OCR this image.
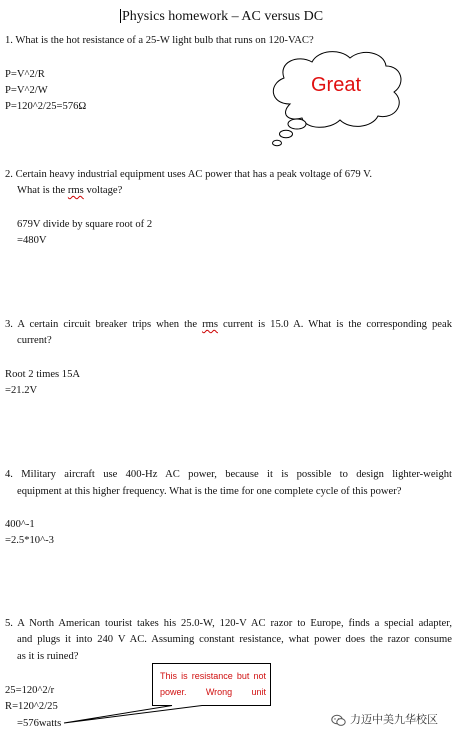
Physics homework – AC versus DC
1. What is the hot resistance of a 25-W light bulb that runs on 120-VAC?
P=V^2/R
P=V^2/W
P=120^2/25=576Ω
Great
2. Certain heavy industrial equipment uses AC power that has a peak voltage of 679 V.
What is the rms voltage?
679V divide by square root of 2
=480V
3. A certain circuit breaker trips when the rms current is 15.0 A. What is the corresponding peak
current?
Root 2 times 15A
=21.2V
4. Military aircraft use 400-Hz AC power, because it is possible to design lighter-weight
equipment at this higher frequency. What is the time for one complete cycle of this power?
400^-1
=2.5*10^-3
5. A North American tourist takes his 25.0-W, 120-V AC razor to Europe, finds a special adapter,
and plugs it into 240 V AC. Assuming constant resistance, what power does the razor consume
as it is ruined?
25=120^2/r
R=120^2/25
=576watts
This is resistance but not power. Wrong unit
力迈中美九华校区
